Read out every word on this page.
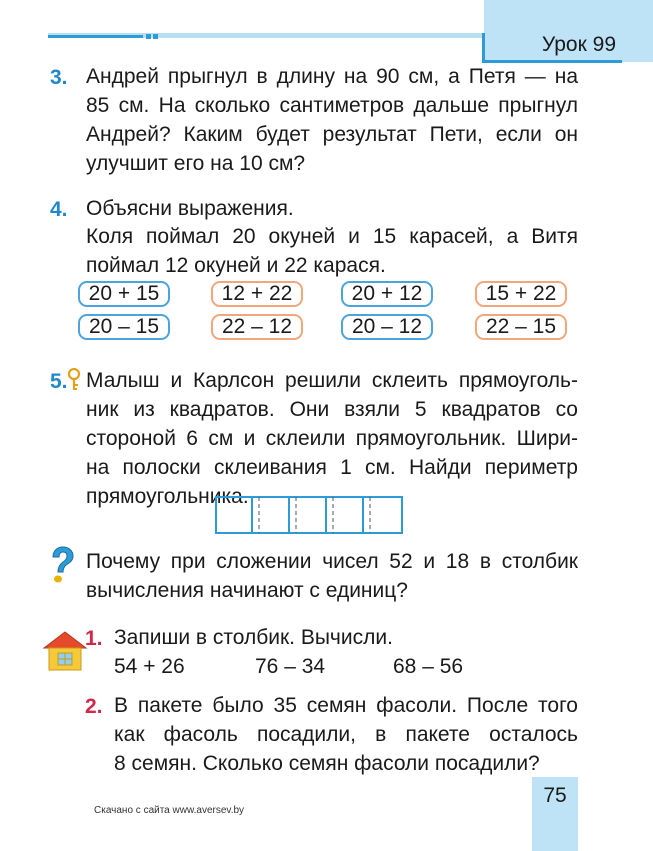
Урок 99
3. Андрей прыгнул в длину на 90 см, а Петя — на
85 см. На сколько сантиметров дальше прыгнул
Андрей? Каким будет результат Пети, если он
улучшит его на 10 см?
4. Объясни выражения.
Коля поймал 20 окуней и 15 карасей, а Витя
поймал 12 окуней и 22 карася.
20 + 15	12 + 22	20 + 12	15 + 22
20 – 15	22 – 12	20 – 12	22 – 15
5. Малыш и Карлсон решили склеить прямоуголь-
ник из квадратов. Они взяли 5 квадратов со
стороной 6 см и склеили прямоугольник. Шири-
на полоски склеивания 1 см. Найди периметр
прямоугольника.
Почему при сложении чисел 52 и 18 в столбик
вычисления начинают с единиц?
1. Запиши в столбик. Вычисли.
54 + 26	76 – 34	68 – 56
2. В пакете было 35 семян фасоли. После того
как фасоль посадили, в пакете осталось
8 семян. Сколько семян фасоли посадили?
75
Скачано с сайта www.aversev.by
